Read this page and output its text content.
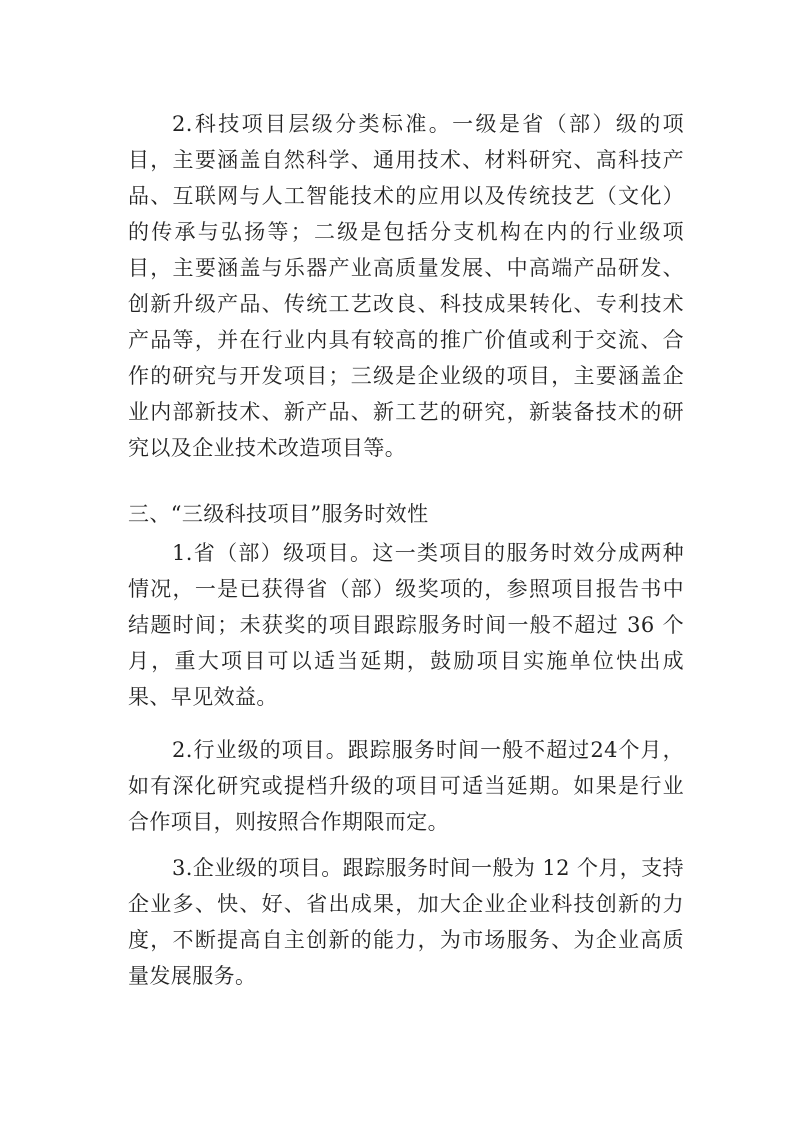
2.科技项目层级分类标准。一级是省（部）级的项目，主要涵盖自然科学、通用技术、材料研究、高科技产品、互联网与人工智能技术的应用以及传统技艺（文化）的传承与弘扬等；二级是包括分支机构在内的行业级项目，主要涵盖与乐器产业高质量发展、中高端产品研发、创新升级产品、传统工艺改良、科技成果转化、专利技术产品等，并在行业内具有较高的推广价值或利于交流、合作的研究与开发项目；三级是企业级的项目，主要涵盖企业内部新技术、新产品、新工艺的研究，新装备技术的研究以及企业技术改造项目等。

三、“三级科技项目”服务时效性

1.省（部）级项目。这一类项目的服务时效分成两种情况，一是已获得省（部）级奖项的，参照项目报告书中结题时间；未获奖的项目跟踪服务时间一般不超过 36 个月，重大项目可以适当延期，鼓励项目实施单位快出成果、早见效益。

2.行业级的项目。跟踪服务时间一般不超过24个月，如有深化研究或提档升级的项目可适当延期。如果是行业合作项目，则按照合作期限而定。

3.企业级的项目。跟踪服务时间一般为 12 个月，支持企业多、快、好、省出成果，加大企业企业科技创新的力度，不断提高自主创新的能力，为市场服务、为企业高质量发展服务。
